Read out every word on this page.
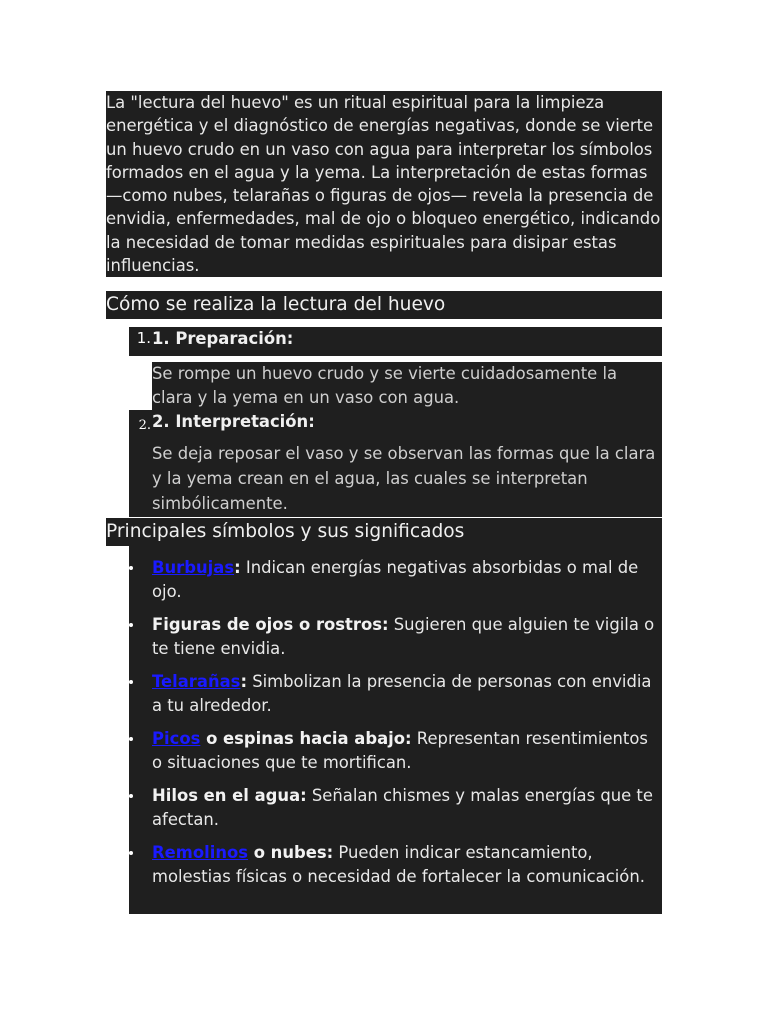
La "lectura del huevo" es un ritual espiritual para la limpieza energética y el diagnóstico de energías negativas, donde se vierte un huevo crudo en un vaso con agua para interpretar los símbolos formados en el agua y la yema. La interpretación de estas formas —como nubes, telarañas o figuras de ojos— revela la presencia de envidia, enfermedades, mal de ojo o bloqueo energético, indicando la necesidad de tomar medidas espirituales para disipar estas influencias.

Cómo se realiza la lectura del huevo
1. 1. Preparación:
Se rompe un huevo crudo y se vierte cuidadosamente la clara y la yema en un vaso con agua.
2. 2. Interpretación:
Se deja reposar el vaso y se observan las formas que la clara y la yema crean en el agua, las cuales se interpretan simbólicamente.
Principales símbolos y sus significados
Burbujas: Indican energías negativas absorbidas o mal de ojo.
Figuras de ojos o rostros: Sugieren que alguien te vigila o te tiene envidia.
Telarañas: Simbolizan la presencia de personas con envidia a tu alrededor.
Picos o espinas hacia abajo: Representan resentimientos o situaciones que te mortifican.
Hilos en el agua: Señalan chismes y malas energías que te afectan.
Remolinos o nubes: Pueden indicar estancamiento, molestias físicas o necesidad de fortalecer la comunicación.
